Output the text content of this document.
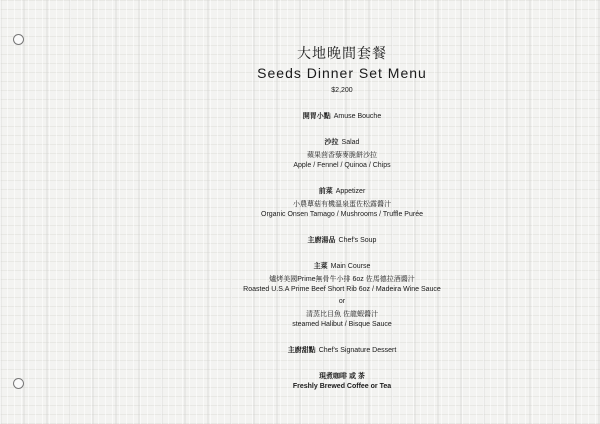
大地晚間套餐
Seeds Dinner Set Menu
$2,200
開胃小點 Amuse Bouche
沙拉 Salad
蘋果茴香藜麥脆餅沙拉
Apple / Fennel / Quinoa / Chips
前菜 Appetizer
小農蕈菇有機溫泉蛋佐松露醬汁
Organic Onsen Tamago / Mushrooms / Truffle Purée
主廚湯品 Chef's Soup
主菜 Main Course
爐烤美國Prime無骨牛小排 6oz 佐馬德拉酒醬汁
Roasted U.S.A Prime Beef Short Rib 6oz / Madeira Wine Sauce
or
清蒸比目魚 佐龍蝦醬汁
steamed Halibut / Bisque Sauce
主廚甜點 Chef's Signature Dessert
現煮咖啡 或 茶
Freshly Brewed Coffee or Tea
